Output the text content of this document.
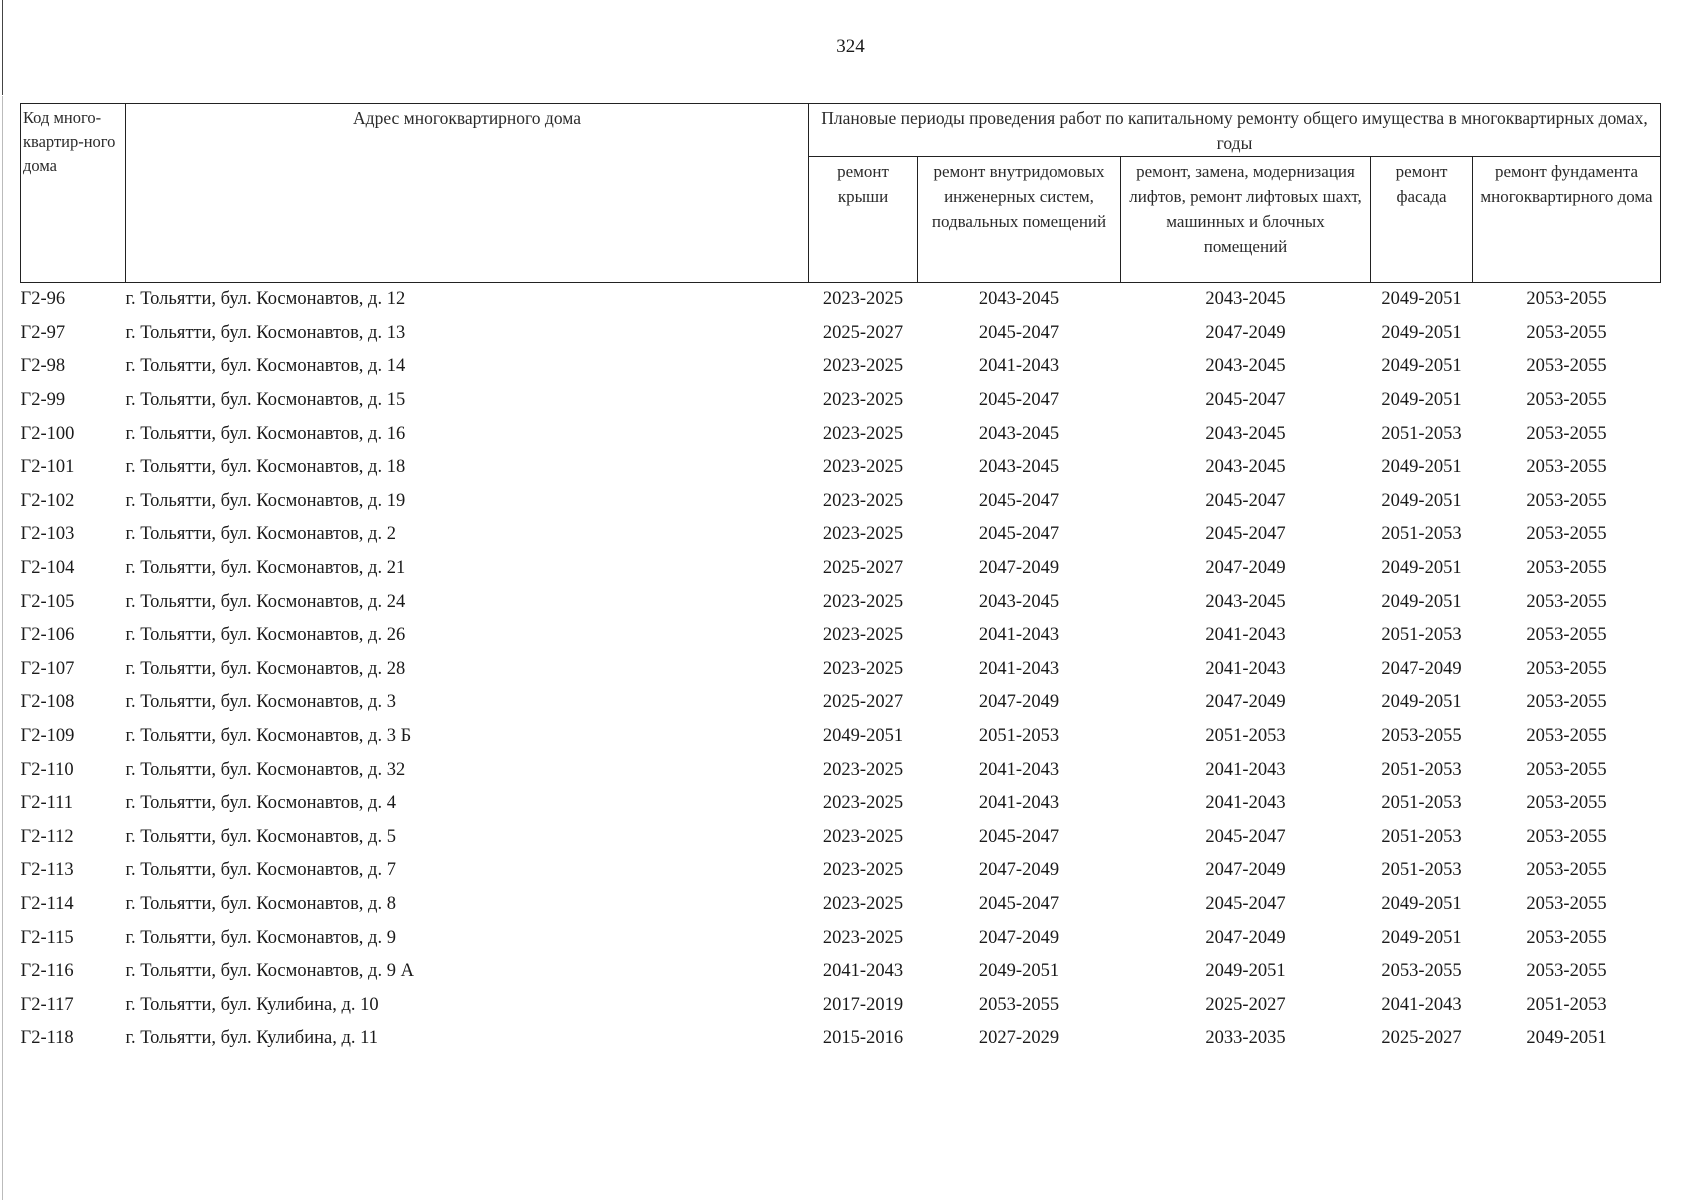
324
Код много-квартир-ного дома	Адрес многоквартирного дома	Плановые периоды проведения работ по капитальному ремонту общего имущества в многоквартирных домах, годы				
		ремонт крыши	ремонт внутридомовых инженерных систем, подвальных помещений	ремонт, замена, модернизация лифтов, ремонт лифтовых шахт, машинных и блочных помещений	ремонт фасада	ремонт фундамента многоквартирного дома
Г2-96	г. Тольятти, бул. Космонавтов, д. 12	2023-2025	2043-2045	2043-2045	2049-2051	2053-2055
Г2-97	г. Тольятти, бул. Космонавтов, д. 13	2025-2027	2045-2047	2047-2049	2049-2051	2053-2055
Г2-98	г. Тольятти, бул. Космонавтов, д. 14	2023-2025	2041-2043	2043-2045	2049-2051	2053-2055
Г2-99	г. Тольятти, бул. Космонавтов, д. 15	2023-2025	2045-2047	2045-2047	2049-2051	2053-2055
Г2-100	г. Тольятти, бул. Космонавтов, д. 16	2023-2025	2043-2045	2043-2045	2051-2053	2053-2055
Г2-101	г. Тольятти, бул. Космонавтов, д. 18	2023-2025	2043-2045	2043-2045	2049-2051	2053-2055
Г2-102	г. Тольятти, бул. Космонавтов, д. 19	2023-2025	2045-2047	2045-2047	2049-2051	2053-2055
Г2-103	г. Тольятти, бул. Космонавтов, д. 2	2023-2025	2045-2047	2045-2047	2051-2053	2053-2055
Г2-104	г. Тольятти, бул. Космонавтов, д. 21	2025-2027	2047-2049	2047-2049	2049-2051	2053-2055
Г2-105	г. Тольятти, бул. Космонавтов, д. 24	2023-2025	2043-2045	2043-2045	2049-2051	2053-2055
Г2-106	г. Тольятти, бул. Космонавтов, д. 26	2023-2025	2041-2043	2041-2043	2051-2053	2053-2055
Г2-107	г. Тольятти, бул. Космонавтов, д. 28	2023-2025	2041-2043	2041-2043	2047-2049	2053-2055
Г2-108	г. Тольятти, бул. Космонавтов, д. 3	2025-2027	2047-2049	2047-2049	2049-2051	2053-2055
Г2-109	г. Тольятти, бул. Космонавтов, д. 3 Б	2049-2051	2051-2053	2051-2053	2053-2055	2053-2055
Г2-110	г. Тольятти, бул. Космонавтов, д. 32	2023-2025	2041-2043	2041-2043	2051-2053	2053-2055
Г2-111	г. Тольятти, бул. Космонавтов, д. 4	2023-2025	2041-2043	2041-2043	2051-2053	2053-2055
Г2-112	г. Тольятти, бул. Космонавтов, д. 5	2023-2025	2045-2047	2045-2047	2051-2053	2053-2055
Г2-113	г. Тольятти, бул. Космонавтов, д. 7	2023-2025	2047-2049	2047-2049	2051-2053	2053-2055
Г2-114	г. Тольятти, бул. Космонавтов, д. 8	2023-2025	2045-2047	2045-2047	2049-2051	2053-2055
Г2-115	г. Тольятти, бул. Космонавтов, д. 9	2023-2025	2047-2049	2047-2049	2049-2051	2053-2055
Г2-116	г. Тольятти, бул. Космонавтов, д. 9 А	2041-2043	2049-2051	2049-2051	2053-2055	2053-2055
Г2-117	г. Тольятти, бул. Кулибина, д. 10	2017-2019	2053-2055	2025-2027	2041-2043	2051-2053
Г2-118	г. Тольятти, бул. Кулибина, д. 11	2015-2016	2027-2029	2033-2035	2025-2027	2049-2051
